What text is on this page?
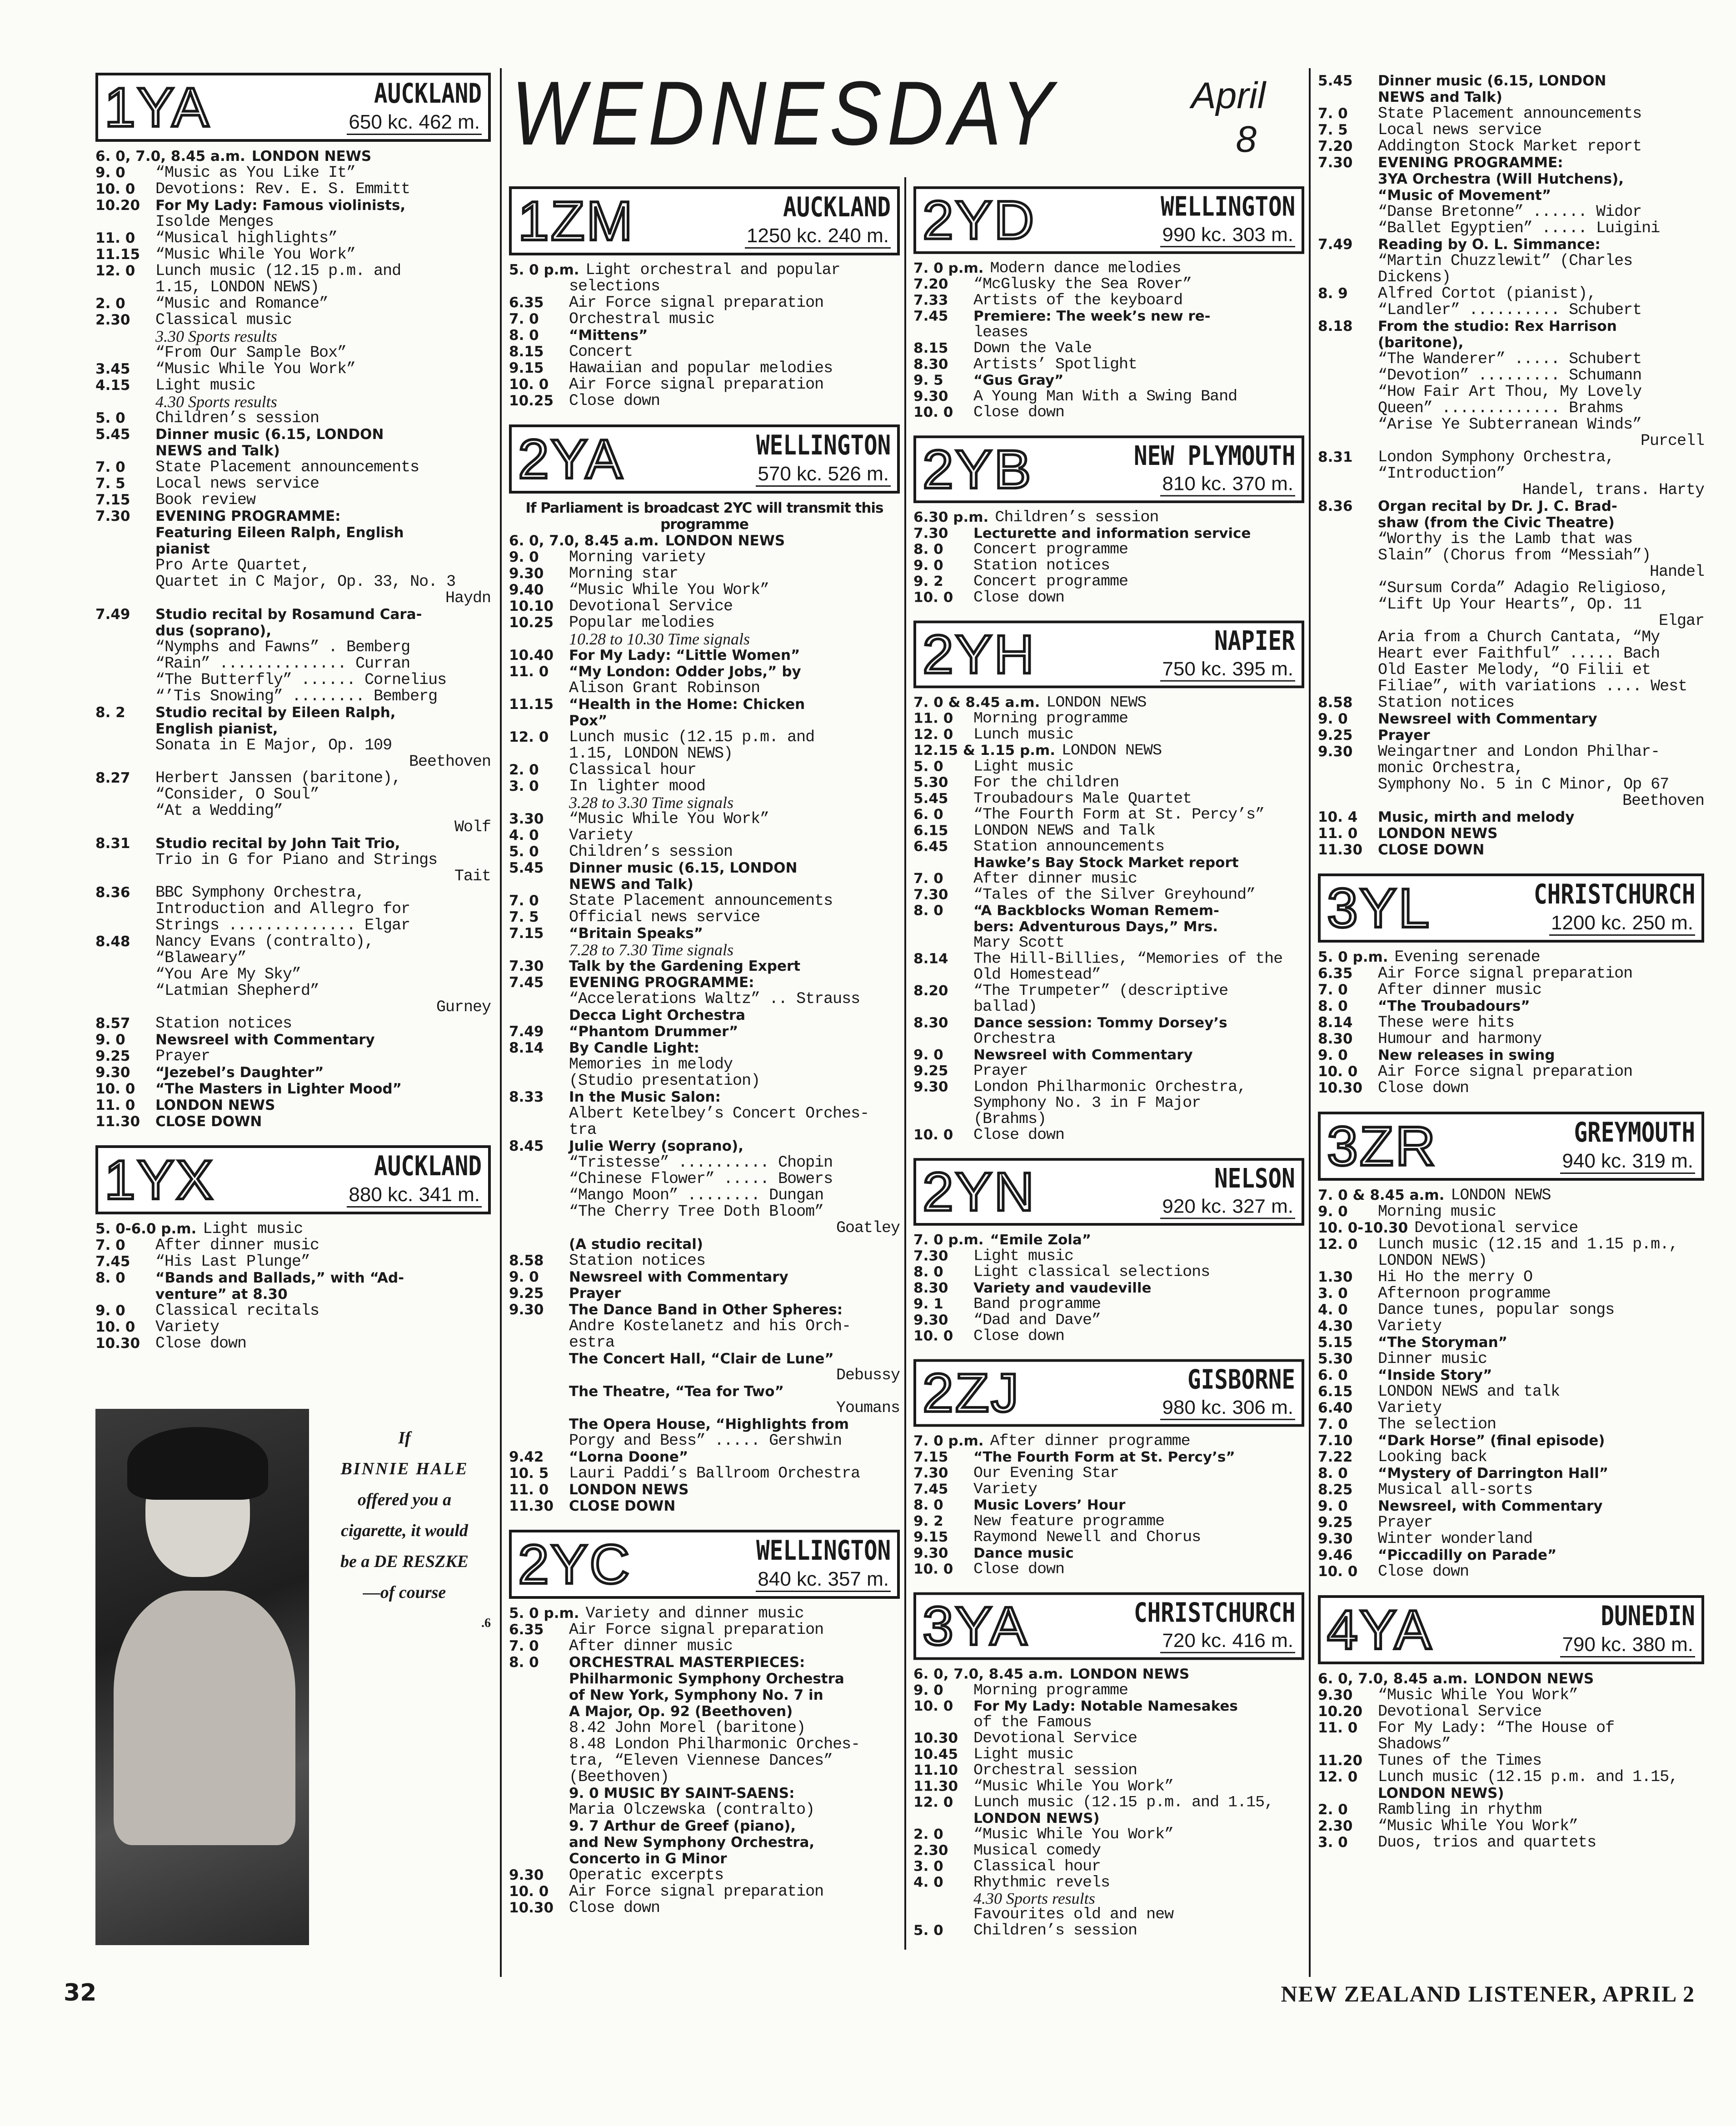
WEDNESDAY	April
8
1YA	AUCKLAND
650 kc. 462 m.
6. 0, 7.0, 8.45 a.m. LONDON NEWS
9. 0	“Music as You Like It”
10. 0	Devotions: Rev. E. S. Emmitt
10.20	For My Lady: Famous violinists,
Isolde Menges
11. 0	“Musical highlights”
11.15 “Music While You Work”
12. 0	Lunch music (12.15 p.m. and
1.15, LONDON NEWS)
2. 0	“Music and Romance”
2.30	Classical music
3.30 Sports results
“From Our Sample Box”
3.45	“Music While You Work”
4.15	Light music
4.30 Sports results
5. 0	Children’s session
5.45	Dinner music (6.15, LONDON
NEWS and Talk)
7. 0	State Placement announcements
7. 5	Local news service
7.15	Book review
7.30	EVENING PROGRAMME:
Featuring Eileen Ralph, English
pianist
Pro Arte Quartet,
Quartet in C Major, Op. 33, No. 3
Haydn
7.49	Studio recital by Rosamund Cara-
dus (soprano),
“Nymphs and Fawns” . Bemberg
“Rain” .............. Curran
“The Butterfly” ...... Cornelius
“’Tis Snowing” ........ Bemberg
8. 2	Studio recital by Eileen Ralph,
English pianist,
Sonata in E Major, Op. 109
Beethoven
8.27	Herbert Janssen (baritone),
“Consider, O Soul”
“At a Wedding”
Wolf
8.31	Studio recital by John Tait Trio,
Trio in G for Piano and Strings
Tait
8.36	BBC Symphony Orchestra,
Introduction and Allegro for
Strings .............. Elgar
8.48	Nancy Evans (contralto),
“Blaweary”
“You Are My Sky”
“Latmian Shepherd”
Gurney
8.57	Station notices
9. 0	Newsreel with Commentary
9.25	Prayer
9.30	“Jezebel’s Daughter”
10. 0	“The Masters in Lighter Mood”
11. 0	LONDON NEWS
11.30	CLOSE DOWN
1YX	AUCKLAND
880 kc. 341 m.
5. 0-6.0 p.m. Light music
7. 0	After dinner music
7.45	“His Last Plunge”
8. 0	“Bands and Ballads,” with “Ad-
venture” at 8.30
9. 0	Classical recitals
10. 0	Variety
10.30 Close down
1ZM	AUCKLAND
1250 kc. 240 m.
5. 0 p.m. Light orchestral and popular
selections
6.35	Air Force signal preparation
7. 0	Orchestral music
8. 0	“Mittens”
8.15	Concert
9.15	Hawaiian and popular melodies
10. 0	Air Force signal preparation
10.25 Close down
2YA	WELLINGTON
570 kc. 526 m.
If Parliament is broadcast 2YC will transmit this programme
6. 0, 7.0, 8.45 a.m. LONDON NEWS
9. 0	Morning variety
9.30	Morning star
9.40	“Music While You Work”
10.10 Devotional Service
10.25 Popular melodies
10.28 to 10.30 Time signals
10.40	For My Lady: “Little Women”
11. 0	“My London: Odder Jobs,” by
Alison Grant Robinson
11.15	“Health in the Home: Chicken
Pox”
12. 0	Lunch music (12.15 p.m. and
1.15, LONDON NEWS)
2. 0	Classical hour
3. 0	In lighter mood
3.28 to 3.30 Time signals
3.30	“Music While You Work”
4. 0	Variety
5. 0	Children’s session
5.45	Dinner music (6.15, LONDON
NEWS and Talk)
7. 0	State Placement announcements
7. 5	Official news service
7.15	“Britain Speaks”
7.28 to 7.30 Time signals
7.30	Talk by the Gardening Expert
7.45	EVENING PROGRAMME:
“Accelerations Waltz” .. Strauss
Decca Light Orchestra
7.49	“Phantom Drummer”
8.14	By Candle Light:
Memories in melody
(Studio presentation)
8.33	In the Music Salon:
Albert Ketelbey’s Concert Orches-
tra
8.45	Julie Werry (soprano),
“Tristesse” .......... Chopin
“Chinese Flower” ..... Bowers
“Mango Moon” ........ Dungan
“The Cherry Tree Doth Bloom”
Goatley
(A studio recital)
8.58	Station notices
9. 0	Newsreel with Commentary
9.25	Prayer
9.30	The Dance Band in Other Spheres:
Andre Kostelanetz and his Orch-
estra
The Concert Hall, “Clair de Lune”
Debussy
The Theatre, “Tea for Two”
Youmans
The Opera House, “Highlights from
Porgy and Bess” ..... Gershwin
9.42	“Lorna Doone”
10. 5	Lauri Paddi’s Ballroom Orchestra
11. 0	LONDON NEWS
11.30	CLOSE DOWN
2YC	WELLINGTON
840 kc. 357 m.
5. 0 p.m. Variety and dinner music
6.35	Air Force signal preparation
7. 0	After dinner music
8. 0	ORCHESTRAL MASTERPIECES:
Philharmonic Symphony Orchestra
of New York, Symphony No. 7 in
A Major, Op. 92 (Beethoven)
8.42 John Morel (baritone)
8.48 London Philharmonic Orches-
tra, “Eleven Viennese Dances”
(Beethoven)
9. 0 MUSIC BY SAINT-SAENS:
Maria Olczewska (contralto)
9. 7 Arthur de Greef (piano),
and New Symphony Orchestra,
Concerto in G Minor
9.30	Operatic excerpts
10. 0	Air Force signal preparation
10.30 Close down
2YD	WELLINGTON
990 kc. 303 m.
7. 0 p.m. Modern dance melodies
7.20	“McGlusky the Sea Rover”
7.33	Artists of the keyboard
7.45	Premiere: The week’s new re-
leases
8.15	Down the Vale
8.30	Artists’ Spotlight
9. 5	“Gus Gray”
9.30	A Young Man With a Swing Band
10. 0	Close down
2YB	NEW PLYMOUTH
810 kc. 370 m.
6.30 p.m. Children’s session
7.30	Lecturette and information service
8. 0	Concert programme
9. 0	Station notices
9. 2	Concert programme
10. 0	Close down
2YH	NAPIER
750 kc. 395 m.
7. 0 & 8.45 a.m. LONDON NEWS
11. 0	Morning programme
12. 0	Lunch music
12.15 & 1.15 p.m. LONDON NEWS
5. 0	Light music
5.30	For the children
5.45	Troubadours Male Quartet
6. 0	“The Fourth Form at St. Percy’s”
6.15	LONDON NEWS and Talk
6.45	Station announcements
Hawke’s Bay Stock Market report
7. 0	After dinner music
7.30	“Tales of the Silver Greyhound”
8. 0	“A Backblocks Woman Remem-
bers: Adventurous Days,” Mrs.
Mary Scott
8.14	The Hill-Billies, “Memories of the
Old Homestead”
8.20	“The Trumpeter” (descriptive
ballad)
8.30	Dance session: Tommy Dorsey’s
Orchestra
9. 0	Newsreel with Commentary
9.25	Prayer
9.30	London Philharmonic Orchestra,
Symphony No. 3 in F Major
(Brahms)
10. 0	Close down
2YN	NELSON
920 kc. 327 m.
7. 0 p.m. “Emile Zola”
7.30	Light music
8. 0	Light classical selections
8.30	Variety and vaudeville
9. 1	Band programme
9.30	“Dad and Dave”
10. 0	Close down
2ZJ	GISBORNE
980 kc. 306 m.
7. 0 p.m. After dinner programme
7.15	“The Fourth Form at St. Percy’s”
7.30	Our Evening Star
7.45	Variety
8. 0	Music Lovers’ Hour
9. 2	New feature programme
9.15	Raymond Newell and Chorus
9.30	Dance music
10. 0	Close down
3YA	CHRISTCHURCH
720 kc. 416 m.
6. 0, 7.0, 8.45 a.m. LONDON NEWS
9. 0	Morning programme
10. 0	For My Lady: Notable Namesakes
of the Famous
10.30 Devotional Service
10.45 Light music
11.10 Orchestral session
11.30 “Music While You Work”
12. 0	Lunch music (12.15 p.m. and 1.15,
LONDON NEWS)
2. 0	“Music While You Work”
2.30	Musical comedy
3. 0	Classical hour
4. 0	Rhythmic revels
4.30 Sports results
Favourites old and new
5. 0	Children’s session
5.45	Dinner music (6.15, LONDON
NEWS and Talk)
7. 0	State Placement announcements
7. 5	Local news service
7.20	Addington Stock Market report
7.30	EVENING PROGRAMME:
3YA Orchestra (Will Hutchens),
“Music of Movement”
“Danse Bretonne” ...... Widor
“Ballet Egyptien” ..... Luigini
7.49	Reading by O. L. Simmance:
“Martin Chuzzlewit” (Charles
Dickens)
8. 9	Alfred Cortot (pianist),
“Landler” .......... Schubert
8.18	From the studio: Rex Harrison
(baritone),
“The Wanderer” ..... Schubert
“Devotion” ......... Schumann
“How Fair Art Thou, My Lovely
Queen” ............. Brahms
“Arise Ye Subterranean Winds”
Purcell
8.31	London Symphony Orchestra,
“Introduction”
Handel, trans. Harty
8.36	Organ recital by Dr. J. C. Brad-
shaw (from the Civic Theatre)
“Worthy is the Lamb that was
Slain” (Chorus from “Messiah”)
Handel
“Sursum Corda” Adagio Religioso,
“Lift Up Your Hearts”, Op. 11
Elgar
Aria from a Church Cantata, “My
Heart ever Faithful” ..... Bach
Old Easter Melody, “O Filii et
Filiae”, with variations .... West
8.58	Station notices
9. 0	Newsreel with Commentary
9.25	Prayer
9.30	Weingartner and London Philhar-
monic Orchestra,
Symphony No. 5 in C Minor, Op 67
Beethoven
10. 4	Music, mirth and melody
11. 0	LONDON NEWS
11.30	CLOSE DOWN
3YL	CHRISTCHURCH
1200 kc. 250 m.
5. 0 p.m. Evening serenade
6.35	Air Force signal preparation
7. 0	After dinner music
8. 0	“The Troubadours”
8.14	These were hits
8.30	Humour and harmony
9. 0	New releases in swing
10. 0	Air Force signal preparation
10.30 Close down
3ZR	GREYMOUTH
940 kc. 319 m.
7. 0 & 8.45 a.m. LONDON NEWS
9. 0	Morning music
10. 0-10.30 Devotional service
12. 0	Lunch music (12.15 and 1.15 p.m.,
LONDON NEWS)
1.30	Hi Ho the merry O
3. 0	Afternoon programme
4. 0	Dance tunes, popular songs
4.30	Variety
5.15	“The Storyman”
5.30	Dinner music
6. 0	“Inside Story”
6.15	LONDON NEWS and talk
6.40	Variety
7. 0	The selection
7.10	“Dark Horse” (final episode)
7.22	Looking back
8. 0	“Mystery of Darrington Hall”
8.25	Musical all-sorts
9. 0	Newsreel, with Commentary
9.25	Prayer
9.30	Winter wonderland
9.46	“Piccadilly on Parade”
10. 0	Close down
4YA	DUNEDIN
790 kc. 380 m.
6. 0, 7.0, 8.45 a.m. LONDON NEWS
9.30	“Music While You Work”
10.20 Devotional Service
11. 0	For My Lady: “The House of
Shadows”
11.20 Tunes of the Times
12. 0	Lunch music (12.15 p.m. and 1.15,
LONDON NEWS)
2. 0	Rambling in rhythm
2.30	“Music While You Work”
3. 0	Duos, trios and quartets
If
BINNIE HALE
offered you a
cigarette, it would
be a DE RESZKE
—of course
.6
32	NEW ZEALAND LISTENER, APRIL 2
